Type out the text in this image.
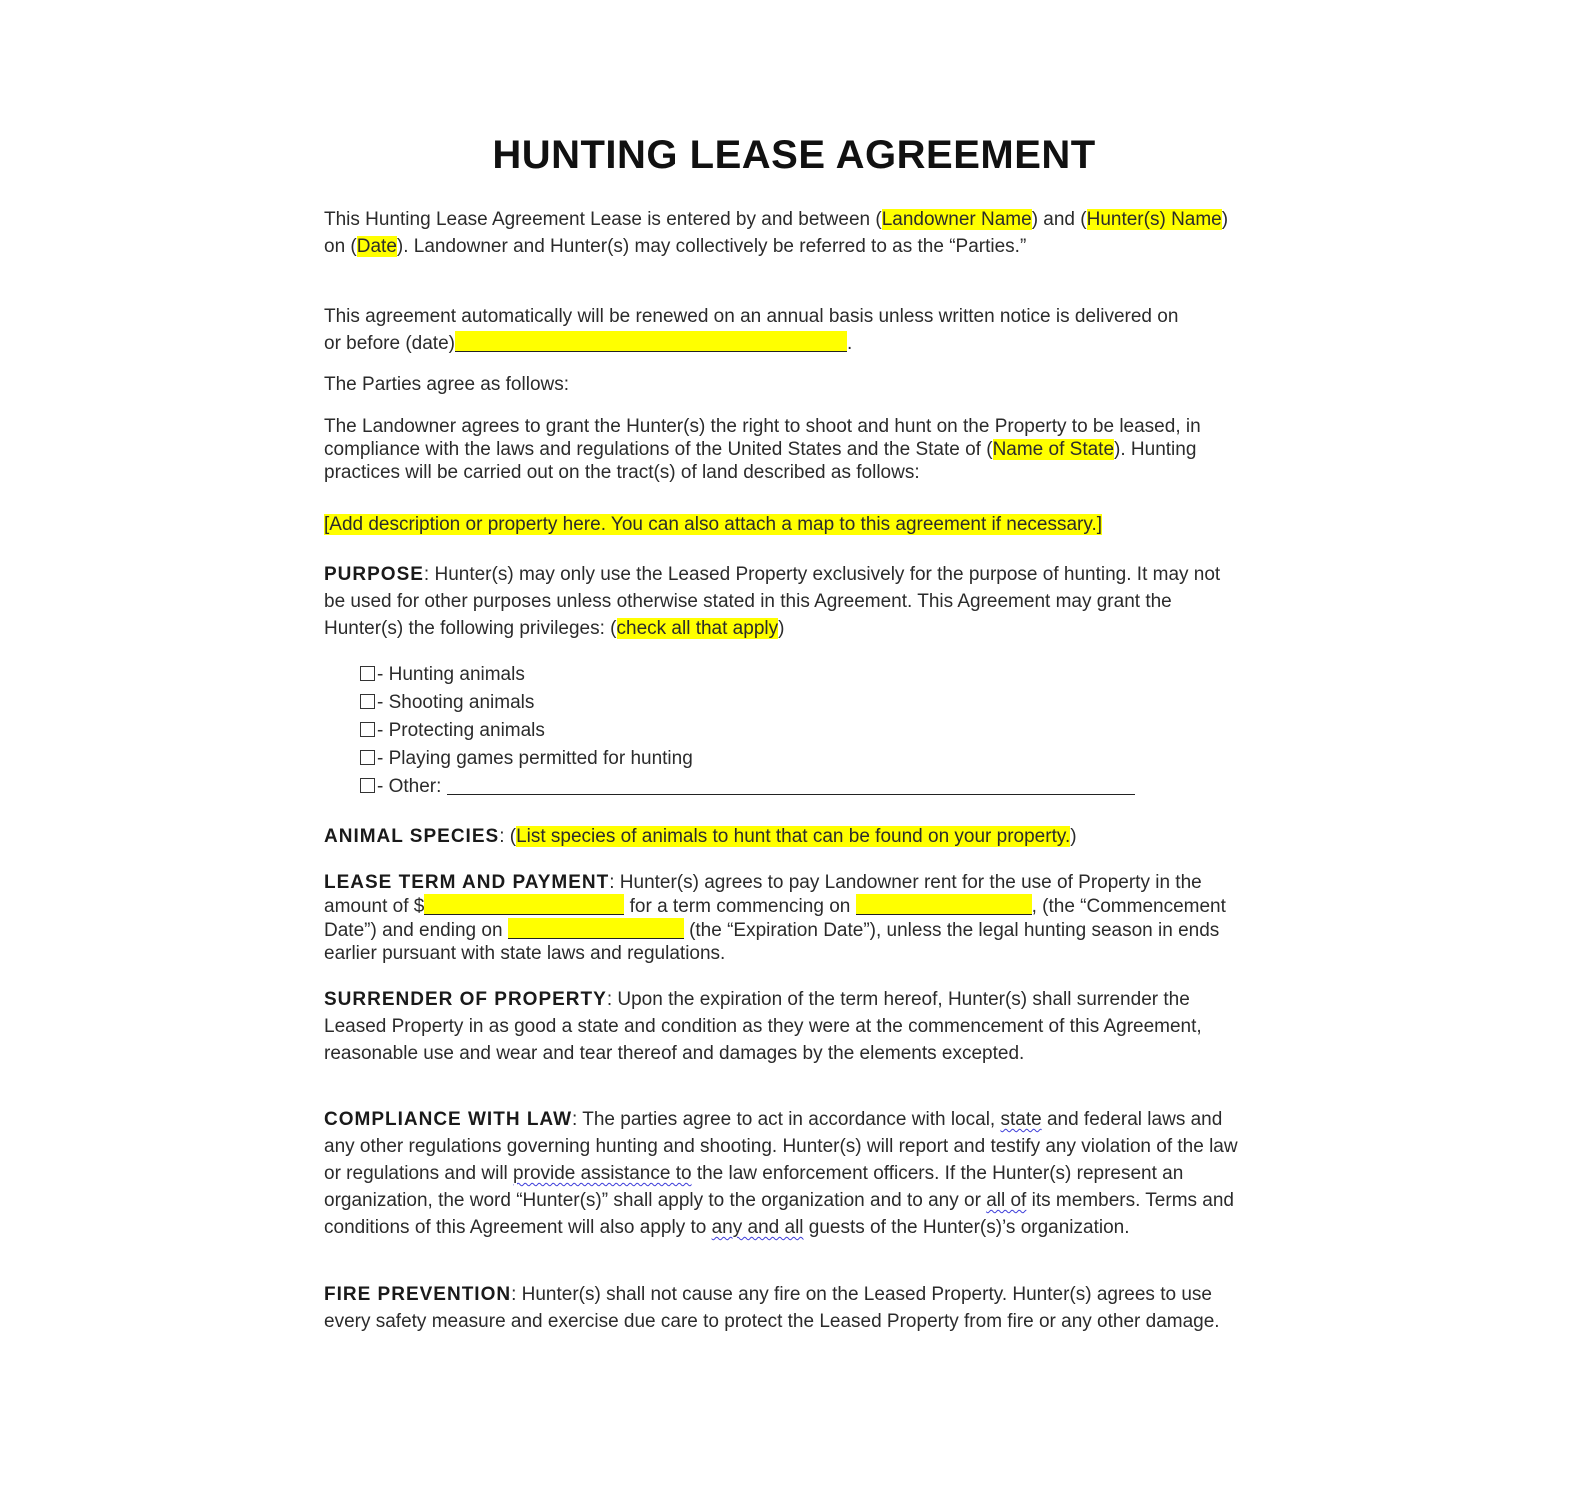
HUNTING LEASE AGREEMENT

This Hunting Lease Agreement Lease is entered by and between (Landowner Name) and (Hunter(s) Name) on (Date). Landowner and Hunter(s) may collectively be referred to as the “Parties.”

This agreement automatically will be renewed on an annual basis unless written notice is delivered on or before (date)	.

The Parties agree as follows:

The Landowner agrees to grant the Hunter(s) the right to shoot and hunt on the Property to be leased, in compliance with the laws and regulations of the United States and the State of (Name of State). Hunting practices will be carried out on the tract(s) of land described as follows:

[Add description or property here. You can also attach a map to this agreement if necessary.]

PURPOSE: Hunter(s) may only use the Leased Property exclusively for the purpose of hunting. It may not be used for other purposes unless otherwise stated in this Agreement. This Agreement may grant the Hunter(s) the following privileges: (check all that apply)

- Hunting animals
- Shooting animals
- Protecting animals
- Playing games permitted for hunting
- Other:

ANIMAL SPECIES: (List species of animals to hunt that can be found on your property.)

LEASE TERM AND PAYMENT: Hunter(s) agrees to pay Landowner rent for the use of Property in the amount of $	for a term commencing on	, (the “Commencement Date”) and ending on	(the “Expiration Date”), unless the legal hunting season in ends earlier pursuant with state laws and regulations.

SURRENDER OF PROPERTY: Upon the expiration of the term hereof, Hunter(s) shall surrender the Leased Property in as good a state and condition as they were at the commencement of this Agreement, reasonable use and wear and tear thereof and damages by the elements excepted.

COMPLIANCE WITH LAW: The parties agree to act in accordance with local, state and federal laws and any other regulations governing hunting and shooting. Hunter(s) will report and testify any violation of the law or regulations and will provide assistance to the law enforcement officers. If the Hunter(s) represent an organization, the word “Hunter(s)” shall apply to the organization and to any or all of its members. Terms and conditions of this Agreement will also apply to any and all guests of the Hunter(s)’s organization.

FIRE PREVENTION: Hunter(s) shall not cause any fire on the Leased Property. Hunter(s) agrees to use every safety measure and exercise due care to protect the Leased Property from fire or any other damage.
